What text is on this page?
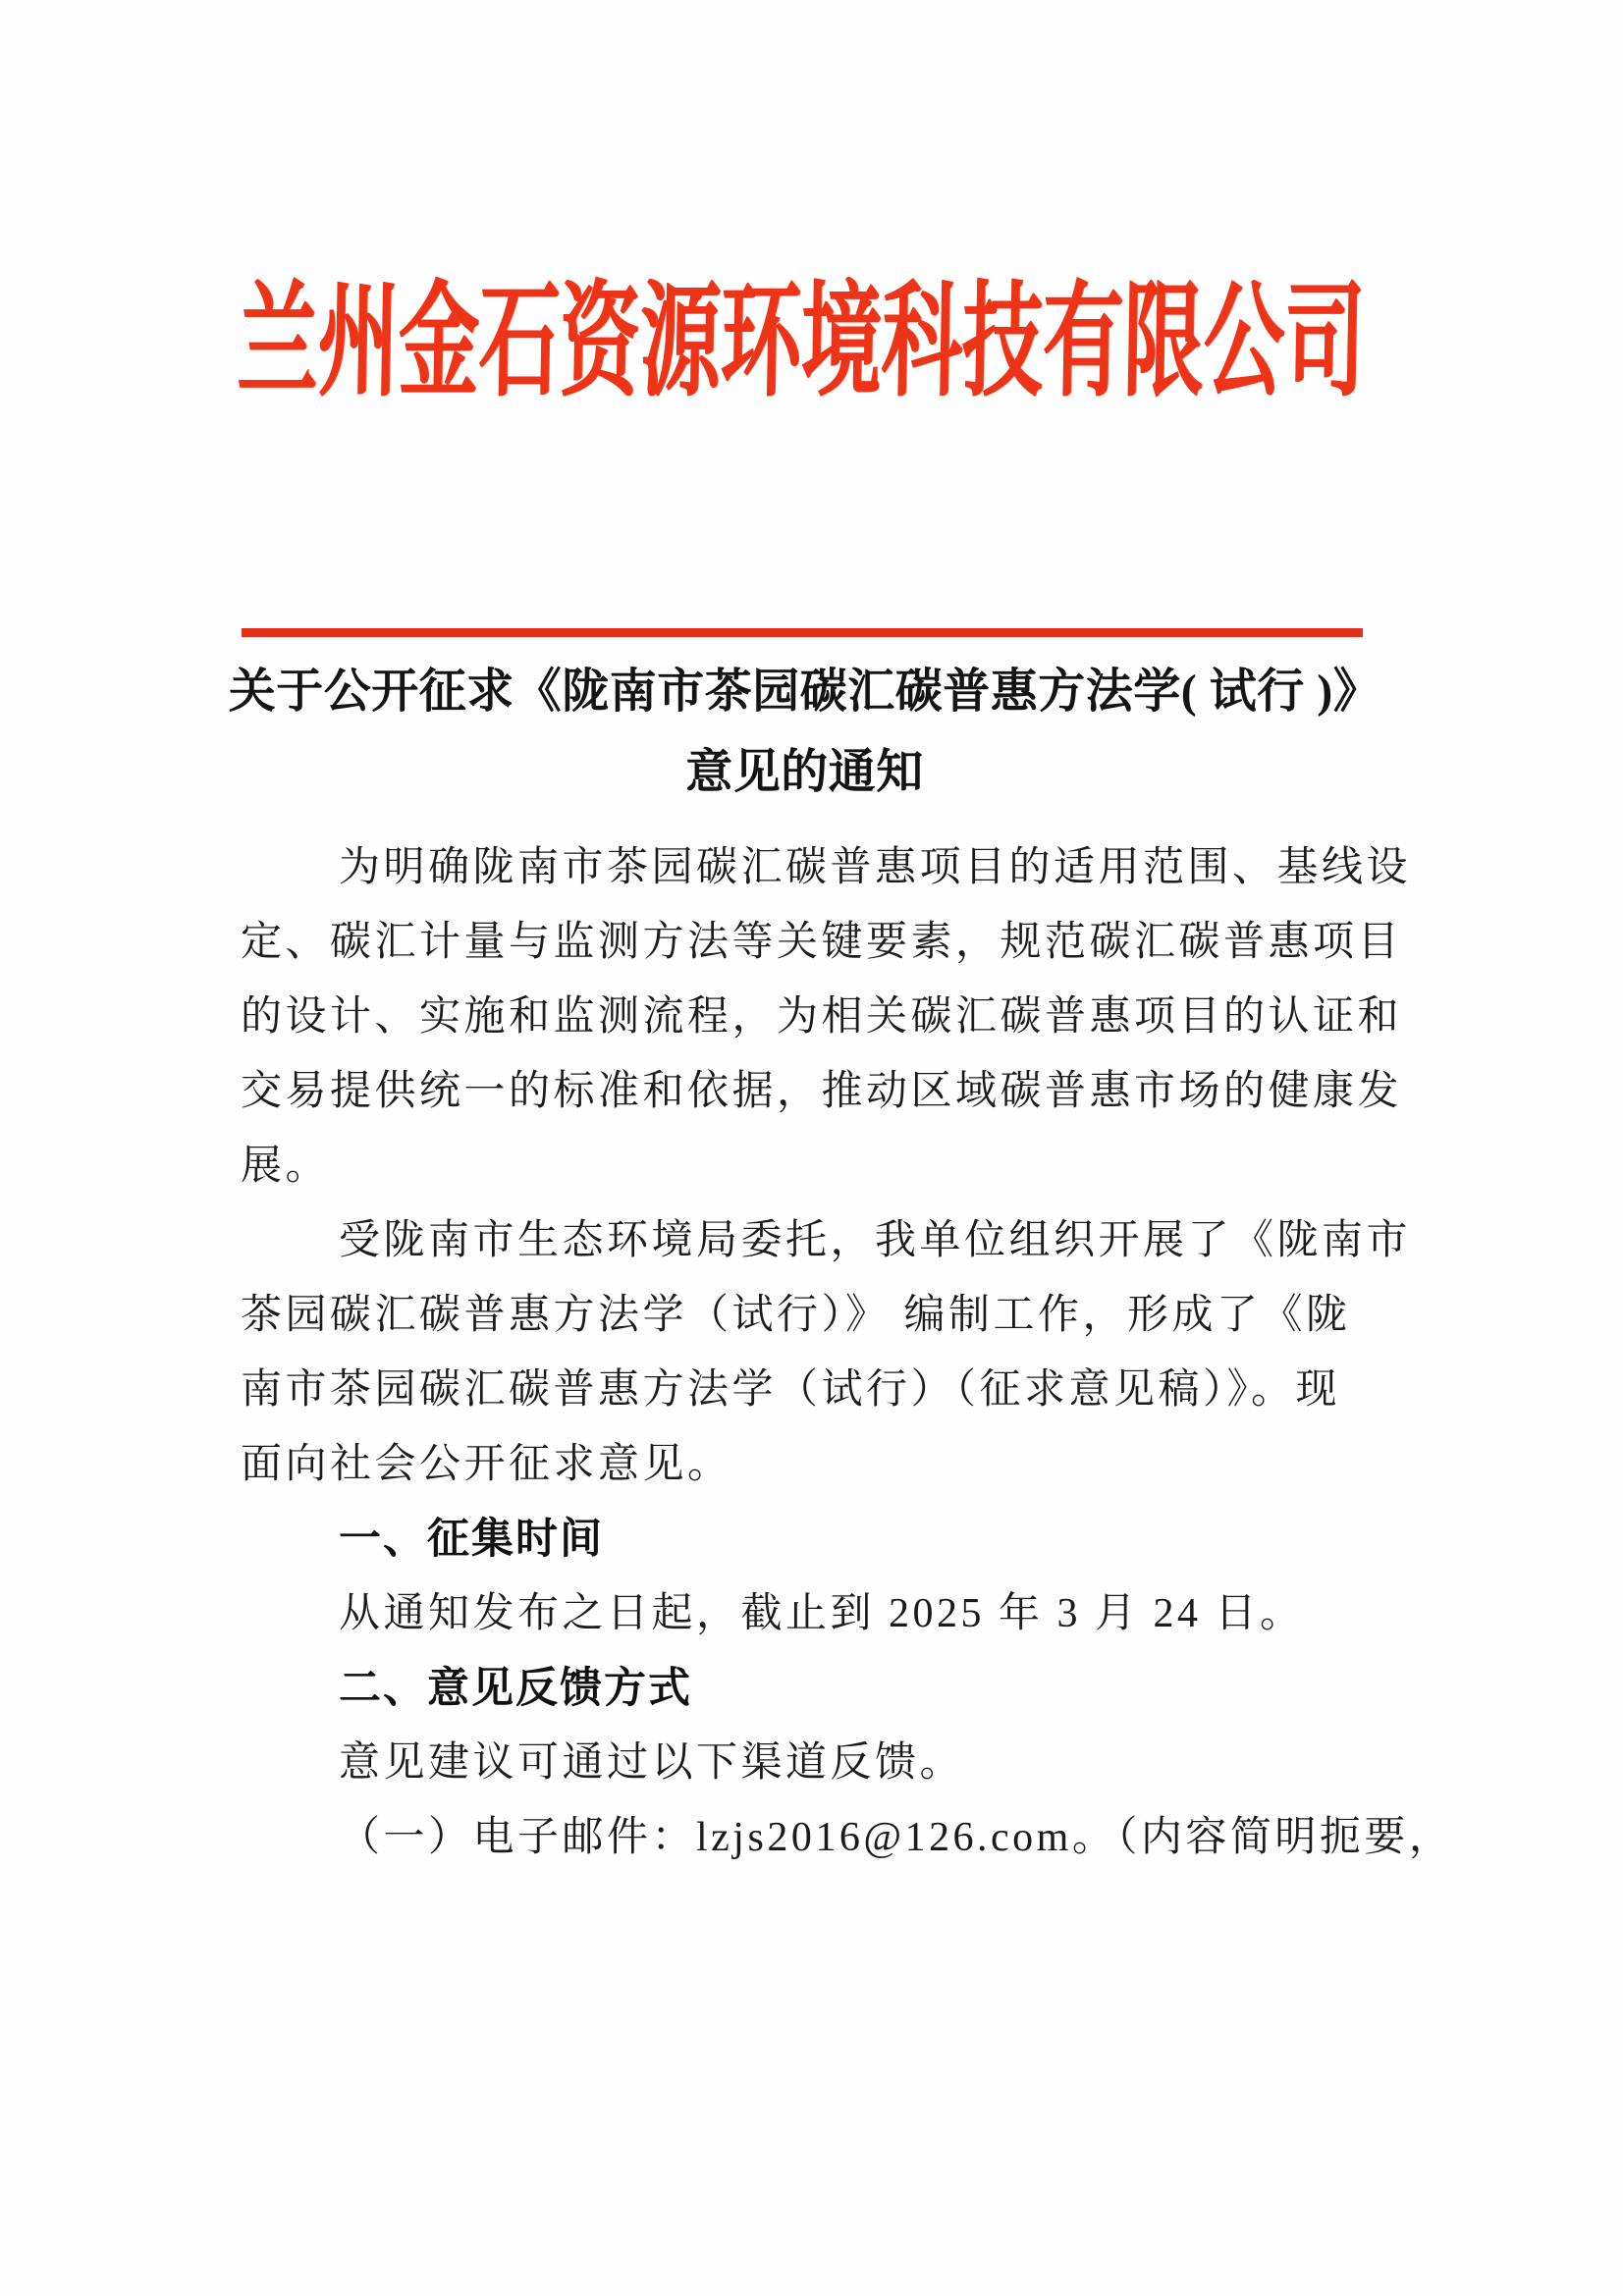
兰州金石资源环境科技有限公司
关于公开征求《陇南市茶园碳汇碳普惠方法学( 试行 )》
意见的通知
为明确陇南市茶园碳汇碳普惠项目的适用范围、基线设
定、碳汇计量与监测方法等关键要素，规范碳汇碳普惠项目
的设计、实施和监测流程，为相关碳汇碳普惠项目的认证和
交易提供统一的标准和依据，推动区域碳普惠市场的健康发
展。
受陇南市生态环境局委托，我单位组织开展了《陇南市
茶园碳汇碳普惠方法学（试行）》 编制工作，形成了《陇
南市茶园碳汇碳普惠方法学（试行）（征求意见稿）》。现
面向社会公开征求意见。
一、征集时间
从通知发布之日起，截止到 2025 年 3 月 24 日。
二、意见反馈方式
意见建议可通过以下渠道反馈。
（一）电子邮件：lzjs2016@126.com。（内容简明扼要，
